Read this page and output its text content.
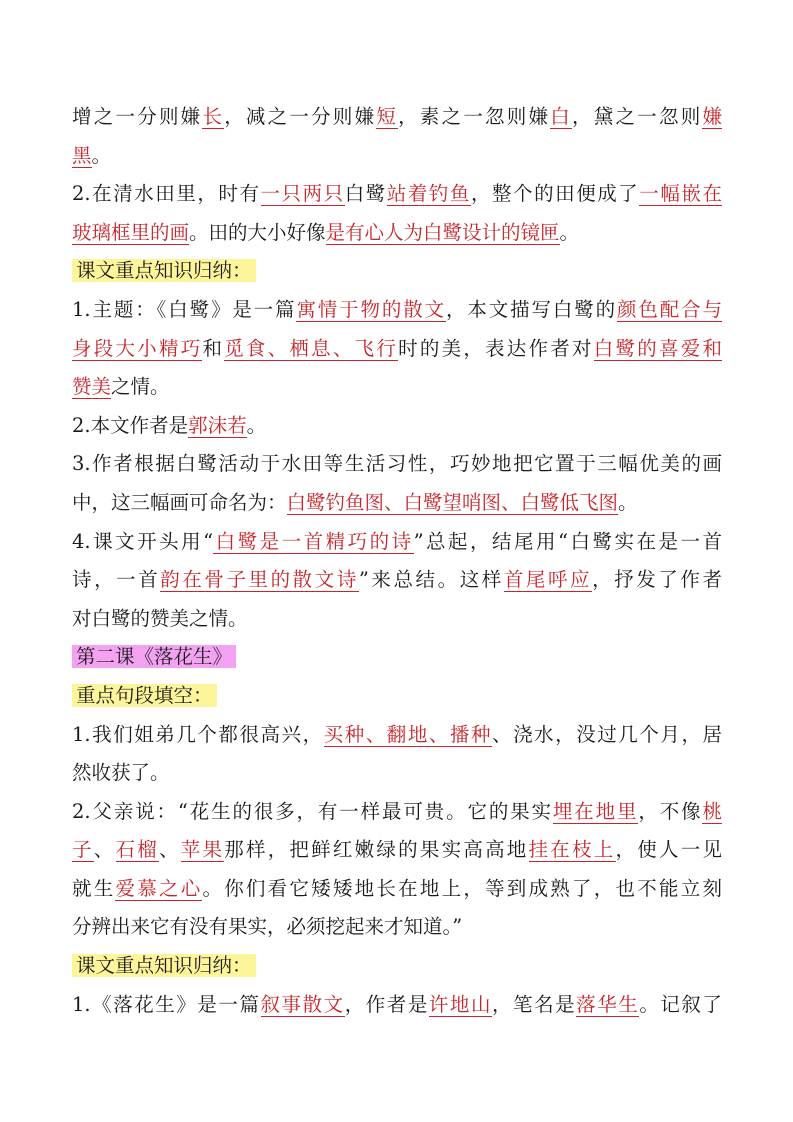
增之一分则嫌长，减之一分则嫌短，素之一忽则嫌白，黛之一忽则嫌
黑。
2.在清水田里，时有一只两只白鹭站着钓鱼，整个的田便成了一幅嵌在
玻璃框里的画。田的大小好像是有心人为白鹭设计的镜匣。
课文重点知识归纳：
1.主题：《白鹭》是一篇寓情于物的散文，本文描写白鹭的颜色配合与
身段大小精巧和觅食、栖息、飞行时的美，表达作者对白鹭的喜爱和
赞美之情。
2.本文作者是郭沫若。
3.作者根据白鹭活动于水田等生活习性，巧妙地把它置于三幅优美的画
中，这三幅画可命名为：白鹭钓鱼图、白鹭望哨图、白鹭低飞图。
4.课文开头用“白鹭是一首精巧的诗”总起，结尾用“白鹭实在是一首
诗，一首韵在骨子里的散文诗”来总结。这样首尾呼应，抒发了作者
对白鹭的赞美之情。
第二课《落花生》
重点句段填空：
1.我们姐弟几个都很高兴，买种、翻地、播种、浇水，没过几个月，居
然收获了。
2.父亲说：“花生的很多，有一样最可贵。它的果实埋在地里，不像桃
子、石榴、苹果那样，把鲜红嫩绿的果实高高地挂在枝上，使人一见
就生爱慕之心。你们看它矮矮地长在地上，等到成熟了，也不能立刻
分辨出来它有没有果实，必须挖起来才知道。”
课文重点知识归纳：
1.《落花生》是一篇叙事散文，作者是许地山，笔名是落华生。记叙了
